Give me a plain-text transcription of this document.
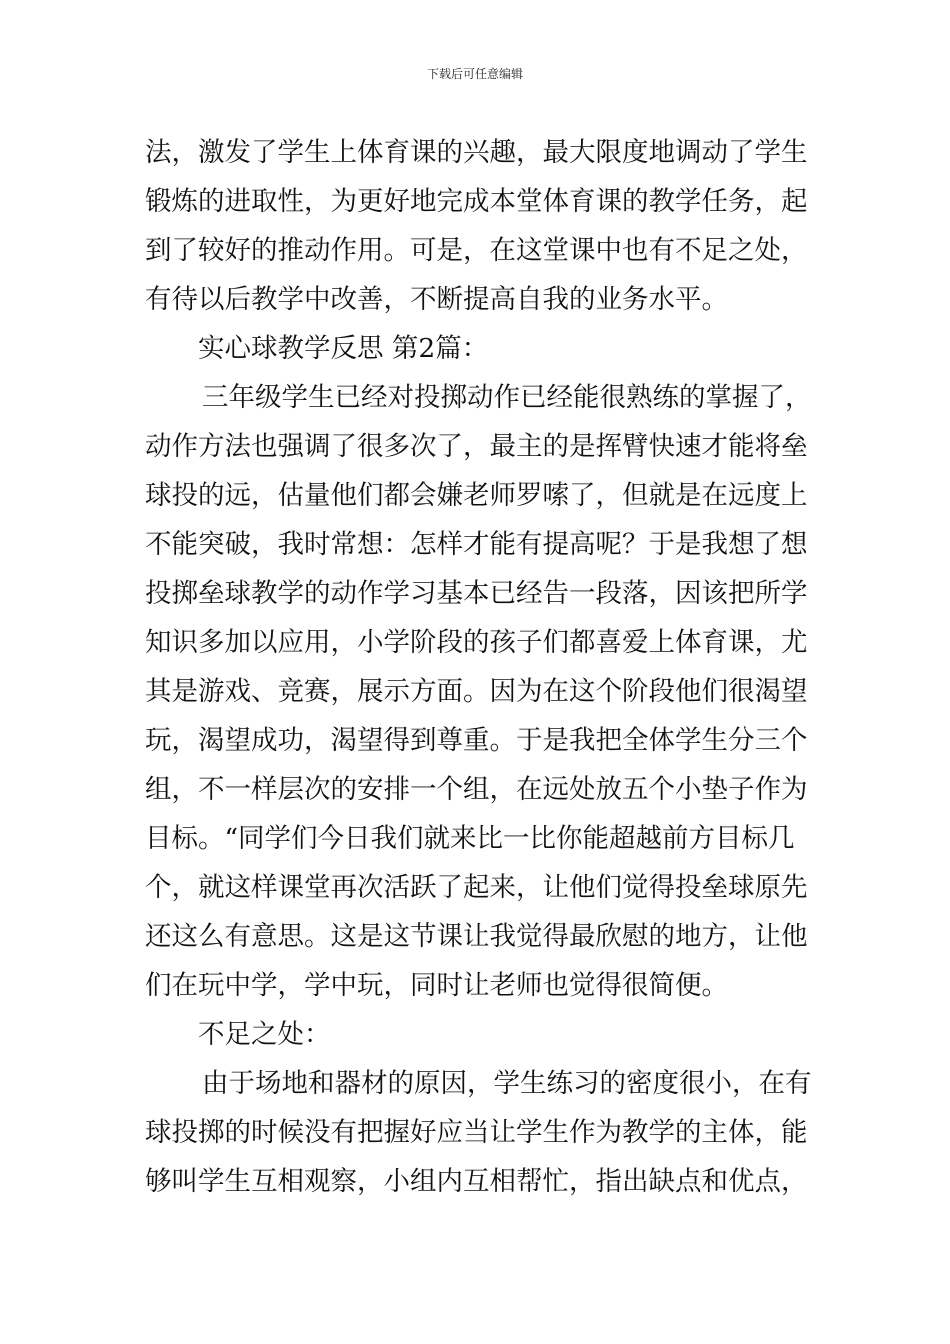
下载后可任意编辑
法，激发了学生上体育课的兴趣，最大限度地调动了学生
锻炼的进取性，为更好地完成本堂体育课的教学任务，起
到了较好的推动作用。可是，在这堂课中也有不足之处，
有待以后教学中改善，不断提高自我的业务水平。
实心球教学反思 第2篇：
三年级学生已经对投掷动作已经能很熟练的掌握了，
动作方法也强调了很多次了，最主的是挥臂快速才能将垒
球投的远，估量他们都会嫌老师罗嗦了，但就是在远度上
不能突破，我时常想：怎样才能有提高呢？于是我想了想
投掷垒球教学的动作学习基本已经告一段落，因该把所学
知识多加以应用，小学阶段的孩子们都喜爱上体育课，尤
其是游戏、竞赛，展示方面。因为在这个阶段他们很渴望
玩，渴望成功，渴望得到尊重。于是我把全体学生分三个
组，不一样层次的安排一个组，在远处放五个小垫子作为
目标。“同学们今日我们就来比一比你能超越前方目标几
个，就这样课堂再次活跃了起来，让他们觉得投垒球原先
还这么有意思。这是这节课让我觉得最欣慰的地方，让他
们在玩中学，学中玩，同时让老师也觉得很简便。
不足之处：
由于场地和器材的原因，学生练习的密度很小，在有
球投掷的时候没有把握好应当让学生作为教学的主体，能
够叫学生互相观察，小组内互相帮忙，指出缺点和优点，
